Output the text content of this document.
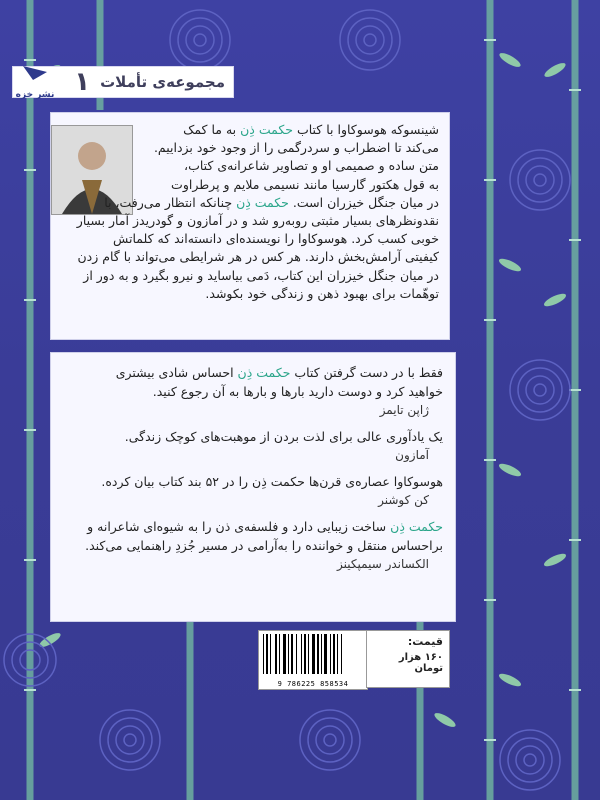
مجموعه‌ی تأملات
۱
نشر خزه
شینسوکه هوسوکاوا با کتاب حکمت ذِن به ما کمک
می‌کند تا اضطراب و سردرگمی را از وجود خود بزداییم.
متن ساده و صمیمی او و تصاویر شاعرانه‌ی کتاب،
به قول هکتور گارسیا مانند نسیمی ملایم و پرطراوت
در میان جنگل خیزران است. حکمت ذِن چنانکه انتظار می‌رفت، با
نقدونظرهای بسیار مثبتی روبه‌رو شد و در آمازون و گودریدز آمار بسیار
خوبی کسب کرد. هوسوکاوا را نویسنده‌ای دانسته‌اند که کلماتش
کیفیتی آرامش‌بخش دارند. هر کس در هر شرایطی می‌تواند با گام زدن
در میان جنگل خیزران این کتاب، دَمی بیاساید و نیرو بگیرد و به دور از
توهّمات برای بهبود ذهن و زندگی خود بکوشد.
فقط با در دست گرفتن کتاب حکمت ذِن احساس شادی بیشتری
خواهید کرد و دوست دارید بارها و بارها به آن رجوع کنید.
ژاپن تایمز
یک یادآوری عالی برای لذت بردن از موهبت‌های کوچک زندگی.
آمازون
هوسوکاوا عصاره‌ی قرن‌ها حکمت ذِن را در ۵۲ بند کتاب بیان کرده.
کن کوشنر
حکمت ذِن ساخت زیبایی دارد و فلسفه‌ی ذن را به شیوه‌ای شاعرانه و
براحساس منتقل و خواننده را به‌آرامی در مسیر جُزدِ راهنمایی می‌کند.
الکساندر سیمپکینز
9 786225 858534
قیمت:
۱۶۰ هزار تومان
